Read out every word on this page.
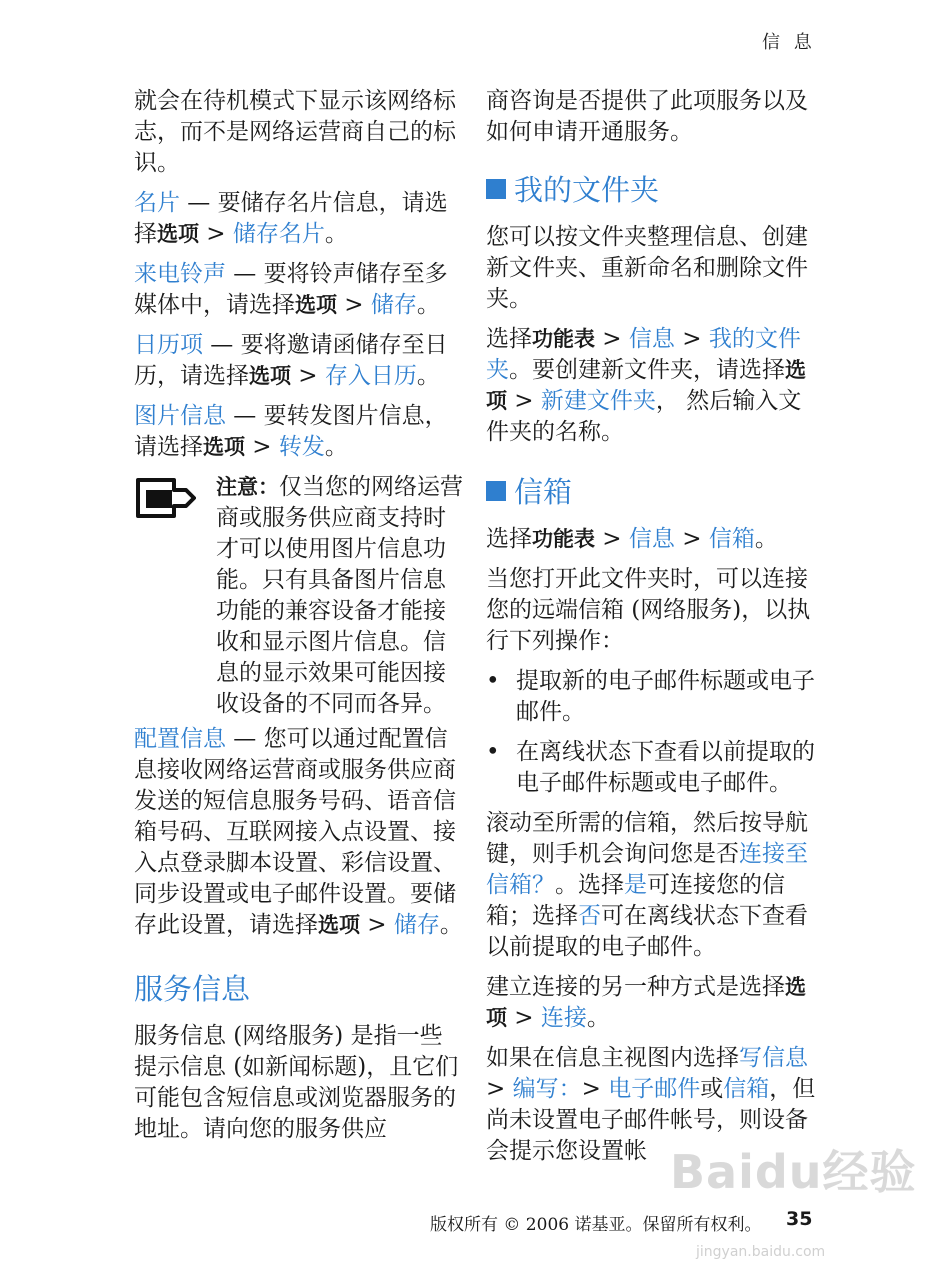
信 息

就会在待机模式下显示该网络标志，而不是网络运营商自己的标识。

名片 — 要储存名片信息，请选择选项 > 储存名片。

来电铃声 — 要将铃声储存至多媒体中，请选择选项 > 储存。

日历项 — 要将邀请函储存至日历，请选择选项 > 存入日历。

图片信息 — 要转发图片信息，请选择选项 > 转发。

注意：仅当您的网络运营商或服务供应商支持时才可以使用图片信息功能。只有具备图片信息功能的兼容设备才能接收和显示图片信息。信息的显示效果可能因接收设备的不同而各异。

配置信息 — 您可以通过配置信息接收网络运营商或服务供应商发送的短信息服务号码、语音信箱号码、互联网接入点设置、接入点登录脚本设置、彩信设置、同步设置或电子邮件设置。要储存此设置，请选择选项 > 储存。

服务信息

服务信息 (网络服务) 是指一些提示信息 (如新闻标题)，且它们可能包含短信息或浏览器服务的地址。请向您的服务供应

商咨询是否提供了此项服务以及如何申请开通服务。

我的文件夹

您可以按文件夹整理信息、创建新文件夹、重新命名和删除文件夹。

选择功能表 > 信息 > 我的文件夹。要创建新文件夹，请选择选项 > 新建文件夹， 然后输入文件夹的名称。

信箱

选择功能表 > 信息 > 信箱。

当您打开此文件夹时，可以连接您的远端信箱 (网络服务)，以执行下列操作：

• 提取新的电子邮件标题或电子邮件。
• 在离线状态下查看以前提取的电子邮件标题或电子邮件。

滚动至所需的信箱，然后按导航键，则手机会询问您是否连接至信箱？。选择是可连接您的信箱；选择否可在离线状态下查看以前提取的电子邮件。

建立连接的另一种方式是选择选项 > 连接。

如果在信息主视图内选择写信息 > 编写：> 电子邮件或信箱，但尚未设置电子邮件帐号，则设备会提示您设置帐 Baidu经验
jingyan.baidu.com
版权所有 © 2006 诺基亚。保留所有权利。 35
